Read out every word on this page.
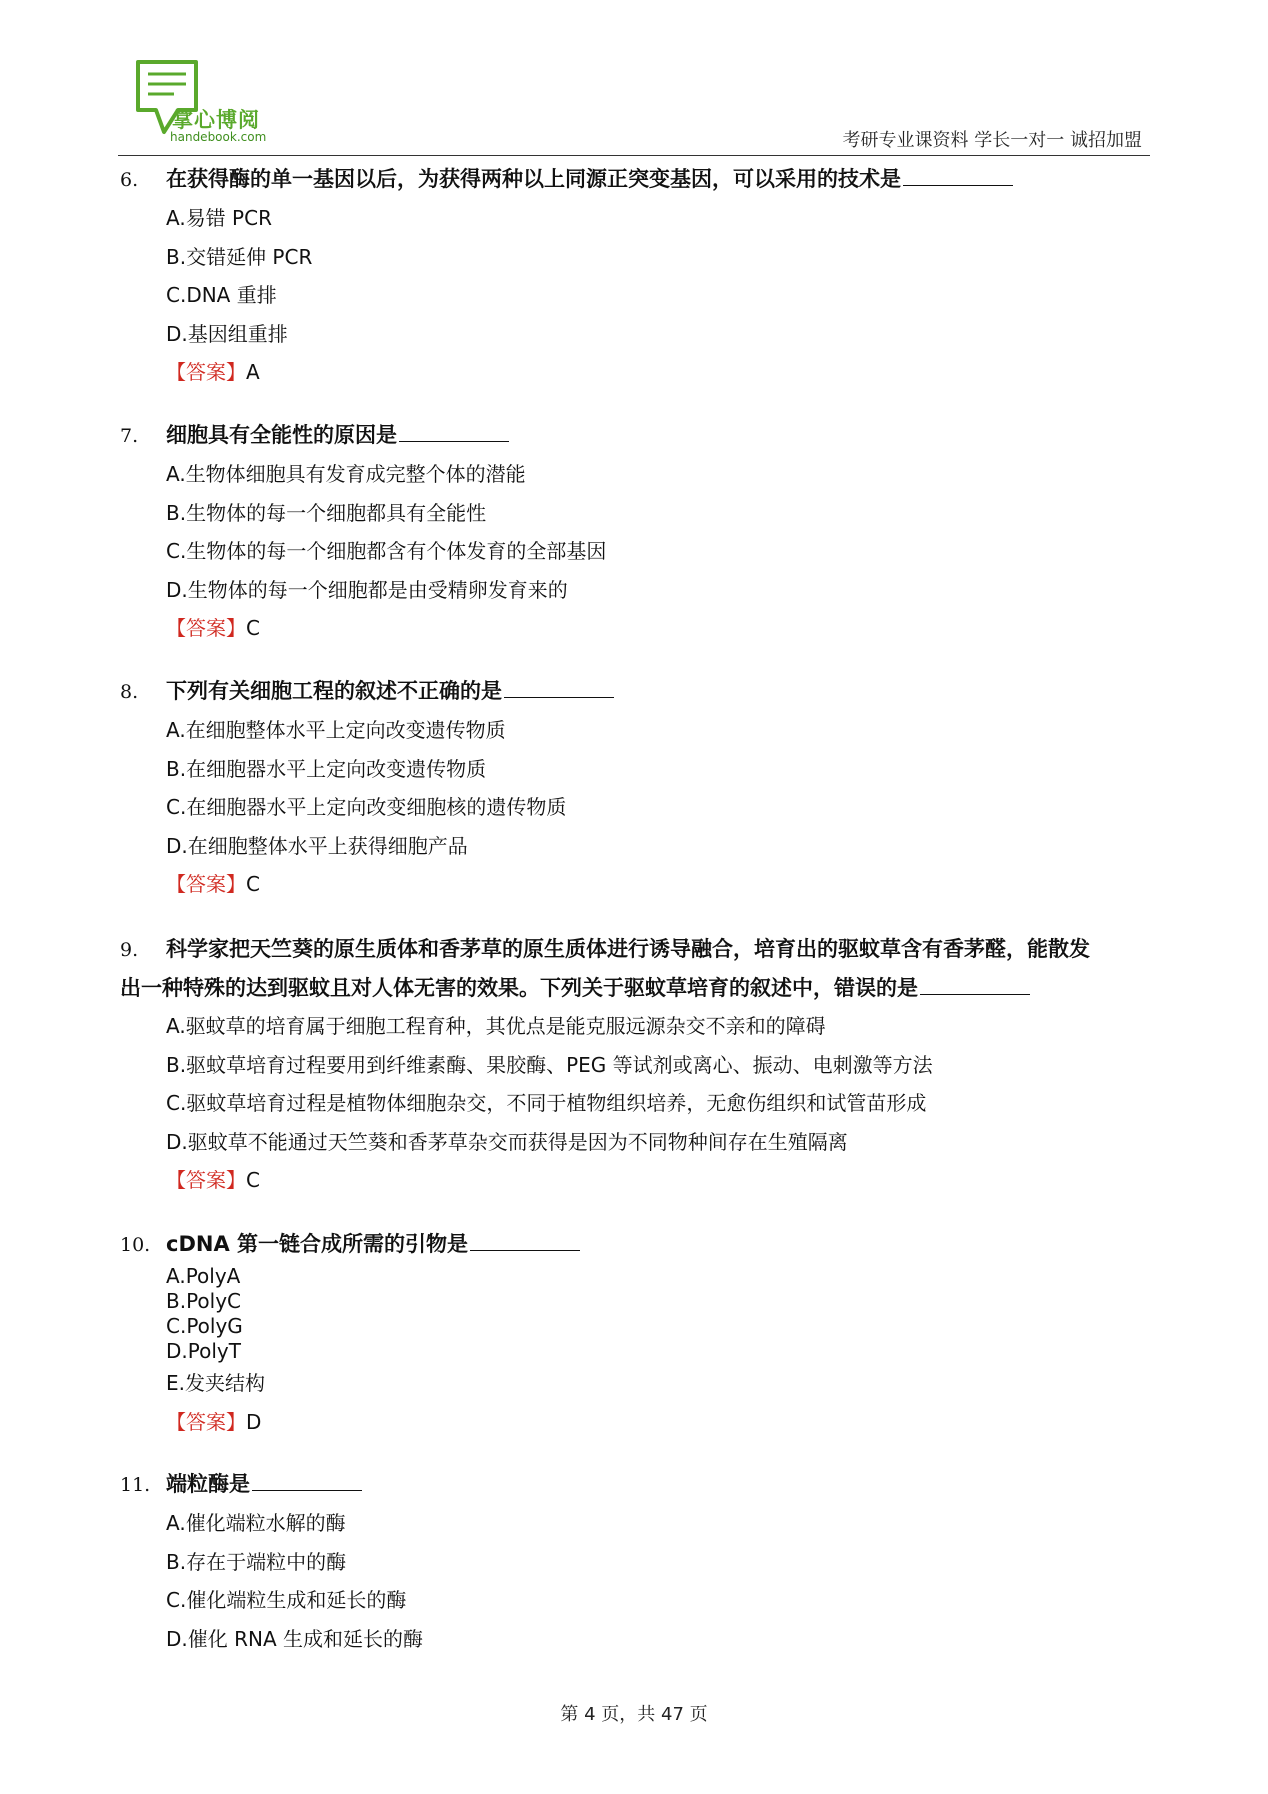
掌心博阅
handebook.com	考研专业课资料 学长一对一 诚招加盟
6. 在获得酶的单一基因以后，为获得两种以上同源正突变基因，可以采用的技术是
A.易错 PCR
B.交错延伸 PCR
C.DNA 重排
D.基因组重排
【答案】A
7. 细胞具有全能性的原因是
A.生物体细胞具有发育成完整个体的潜能
B.生物体的每一个细胞都具有全能性
C.生物体的每一个细胞都含有个体发育的全部基因
D.生物体的每一个细胞都是由受精卵发育来的
【答案】C
8. 下列有关细胞工程的叙述不正确的是
A.在细胞整体水平上定向改变遗传物质
B.在细胞器水平上定向改变遗传物质
C.在细胞器水平上定向改变细胞核的遗传物质
D.在细胞整体水平上获得细胞产品
【答案】C
9. 科学家把天竺葵的原生质体和香茅草的原生质体进行诱导融合，培育出的驱蚊草含有香茅醛，能散发
出一种特殊的达到驱蚊且对人体无害的效果。下列关于驱蚊草培育的叙述中，错误的是
A.驱蚊草的培育属于细胞工程育种，其优点是能克服远源杂交不亲和的障碍
B.驱蚊草培育过程要用到纤维素酶、果胶酶、PEG 等试剂或离心、振动、电刺激等方法
C.驱蚊草培育过程是植物体细胞杂交，不同于植物组织培养，无愈伤组织和试管苗形成
D.驱蚊草不能通过天竺葵和香茅草杂交而获得是因为不同物种间存在生殖隔离
【答案】C
10. cDNA 第一链合成所需的引物是
A.PolyA
B.PolyC
C.PolyG
D.PolyT
E.发夹结构
【答案】D
11. 端粒酶是
A.催化端粒水解的酶
B.存在于端粒中的酶
C.催化端粒生成和延长的酶
D.催化 RNA 生成和延长的酶
第 4 页，共 47 页
